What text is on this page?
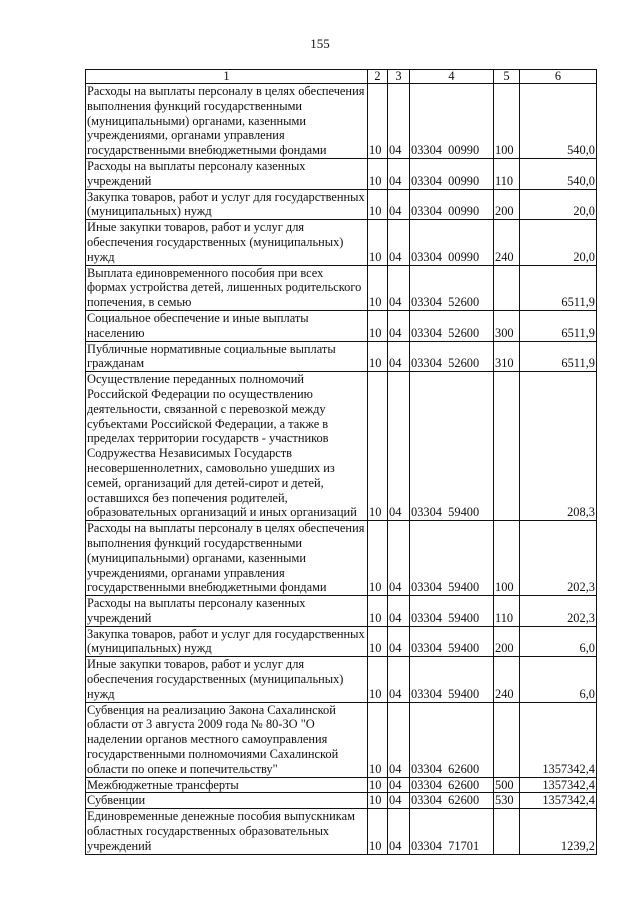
155
1	2	3	4	5	6
Расходы на выплаты персоналу в целях обеспечения выполнения функций государственными (муниципальными) органами, казенными учреждениями, органами управления государственными внебюджетными фондами	10	04	03304  00990	100	540,0
Расходы на выплаты персоналу казенных учреждений	10	04	03304  00990	110	540,0
Закупка товаров, работ и услуг для государственных (муниципальных) нужд	10	04	03304  00990	200	20,0
Иные закупки товаров, работ и услуг для обеспечения государственных (муниципальных) нужд	10	04	03304  00990	240	20,0
Выплата единовременного пособия при всех формах устройства детей, лишенных родительского попечения, в семью	10	04	03304  52600		6511,9
Социальное обеспечение и иные выплаты населению	10	04	03304  52600	300	6511,9
Публичные нормативные социальные выплаты гражданам	10	04	03304  52600	310	6511,9
Осуществление переданных полномочий Российской Федерации по осуществлению деятельности, связанной с перевозкой между субъектами Российской Федерации, а также в пределах территории государств - участников Содружества Независимых Государств несовершеннолетних, самовольно ушедших из семей, организаций для детей-сирот и детей, оставшихся без попечения родителей, образовательных организаций и иных организаций	10	04	03304  59400		208,3
Расходы на выплаты персоналу в целях обеспечения выполнения функций государственными (муниципальными) органами, казенными учреждениями, органами управления государственными внебюджетными фондами	10	04	03304  59400	100	202,3
Расходы на выплаты персоналу казенных учреждений	10	04	03304  59400	110	202,3
Закупка товаров, работ и услуг для государственных (муниципальных) нужд	10	04	03304  59400	200	6,0
Иные закупки товаров, работ и услуг для обеспечения государственных (муниципальных) нужд	10	04	03304  59400	240	6,0
Субвенция на реализацию Закона Сахалинской области от 3 августа 2009 года № 80-ЗО "О наделении органов местного самоуправления государственными полномочиями Сахалинской области по опеке и попечительству"	10	04	03304  62600		1357342,4
Межбюджетные трансферты	10	04	03304  62600	500	1357342,4
Субвенции	10	04	03304  62600	530	1357342,4
Единовременные денежные пособия выпускникам областных государственных образовательных учреждений	10	04	03304  71701		1239,2
